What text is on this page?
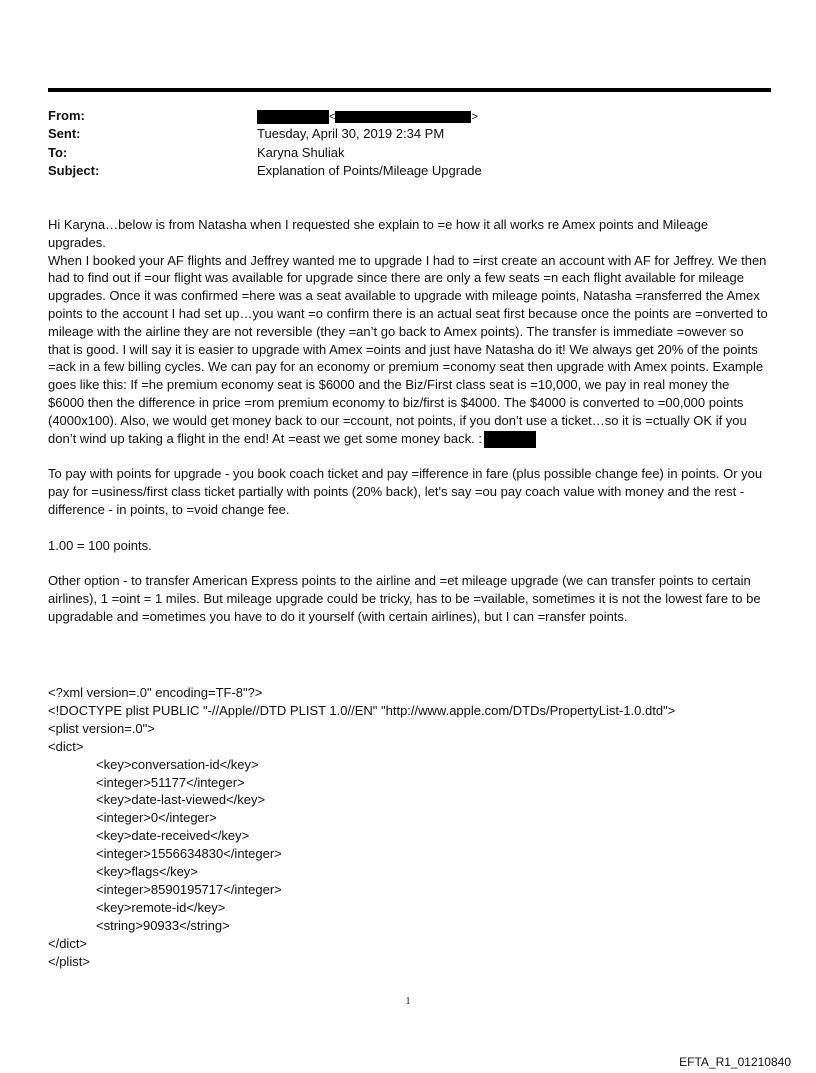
From:	<	>
Sent:	Tuesday, April 30, 2019 2:34 PM
To:	Karyna Shuliak
Subject:	Explanation of Points/Mileage Upgrade

Hi Karyna…below is from Natasha when I requested she explain to =e how it all works re Amex points and Mileage upgrades.

When I booked your AF flights and Jeffrey wanted me to upgrade I had to =irst create an account with AF for Jeffrey. We then had to find out if =our flight was available for upgrade since there are only a few seats =n each flight available for mileage upgrades. Once it was confirmed =here was a seat available to upgrade with mileage points, Natasha =ransferred the Amex points to the account I had set up…you want =o confirm there is an actual seat first because once the points are =onverted to mileage with the airline they are not reversible (they =an’t go back to Amex points). The transfer is immediate =owever so that is good. I will say it is easier to upgrade with Amex =oints and just have Natasha do it! We always get 20% of the points =ack in a few billing cycles. We can pay for an economy or premium =conomy seat then upgrade with Amex points. Example goes like this: If =he premium economy seat is $6000 and the Biz/First class seat is =10,000, we pay in real money the $6000 then the difference in price =rom premium economy to biz/first is $4000. The $4000 is converted to =00,000 points (4000x100). Also, we would get money back to our =ccount, not points, if you don’t use a ticket…so it is =ctually OK if you don’t wind up taking a flight in the end! At =east we get some money back. :

To pay with points for upgrade - you book coach ticket and pay =ifference in fare (plus possible change fee) in points. Or you pay for =usiness/first class ticket partially with points (20% back), let's say =ou pay coach value with money and the rest - difference - in points, to =void change fee.

1.00 = 100 points.

Other option - to transfer American Express points to the airline and =et mileage upgrade (we can transfer points to certain airlines), 1 =oint = 1 miles. But mileage upgrade could be tricky, has to be =vailable, sometimes it is not the lowest fare to be upgradable and =ometimes you have to do it yourself (with certain airlines), but I can =ransfer points.

<?xml version=.0" encoding=TF-8"?>
<!DOCTYPE plist PUBLIC "-//Apple//DTD PLIST 1.0//EN" "http://www.apple.com/DTDs/PropertyList-1.0.dtd">
<plist version=.0">
<dict>
<key>conversation-id</key>
<integer>51177</integer>
<key>date-last-viewed</key>
<integer>0</integer>
<key>date-received</key>
<integer>1556634830</integer>
<key>flags</key>
<integer>8590195717</integer>
<key>remote-id</key>
<string>90933</string>
</dict>
</plist>
1
EFTA_R1_01210840
